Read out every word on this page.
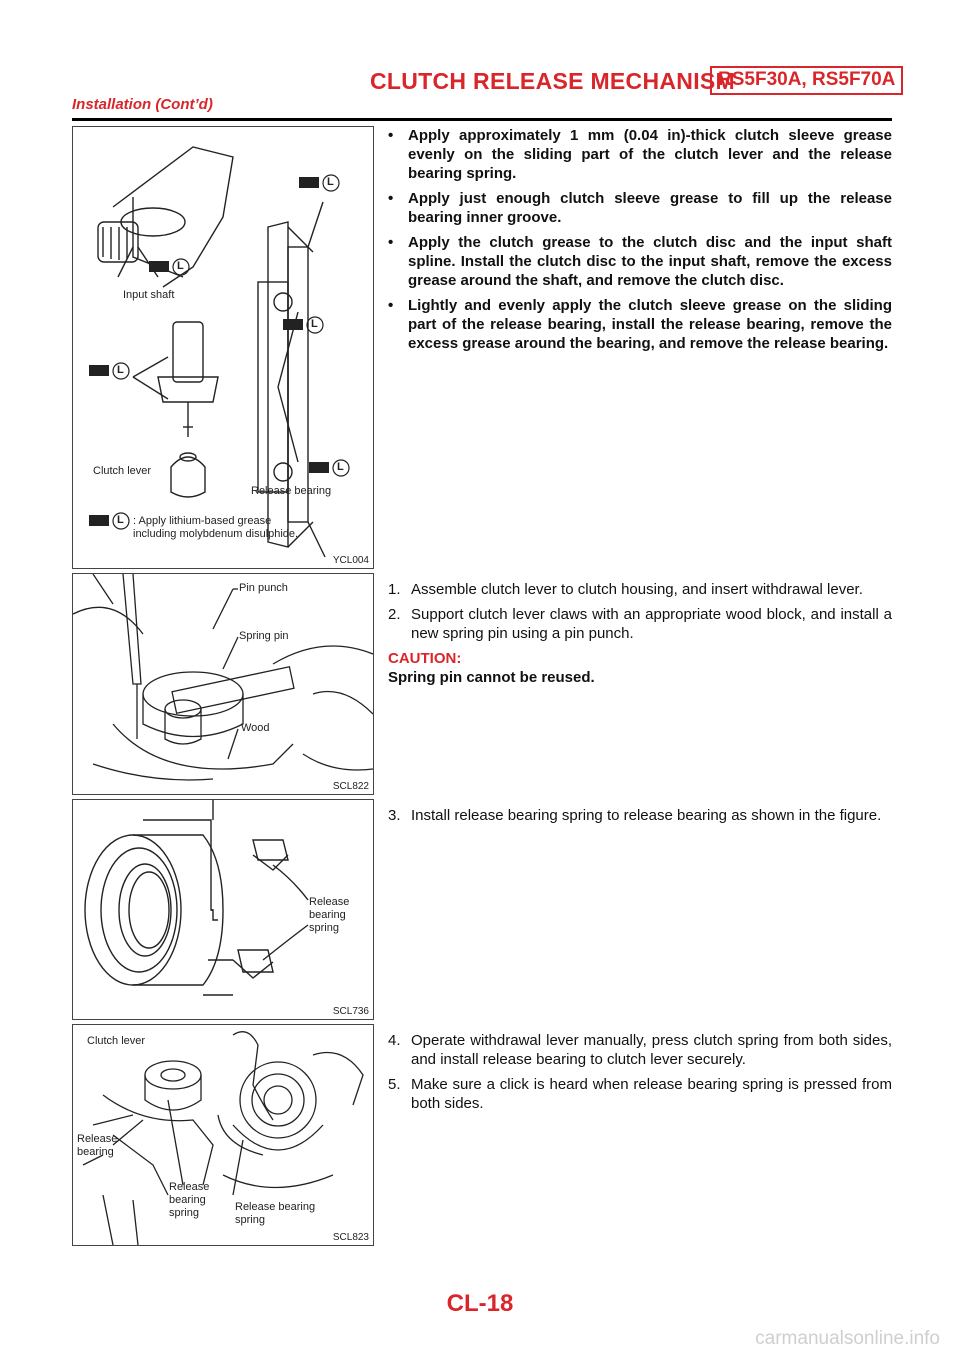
CLUTCH RELEASE MECHANISM
RS5F30A, RS5F70A
Installation (Cont’d)
L
L
L
L
L
L
Input shaft
Clutch lever
Release bearing
: Apply lithium-based grease including molybdenum disulphide.
YCL004
Pin punch
Spring pin
Wood
SCL822
Release bearing spring
SCL736
Clutch lever
Release bearing
Release bearing spring	Release bearing spring
SCL823
• Apply approximately 1 mm (0.04 in)-thick clutch sleeve grease evenly on the sliding part of the clutch lever and the release bearing spring.
• Apply just enough clutch sleeve grease to fill up the release bearing inner groove.
• Apply the clutch grease to the clutch disc and the input shaft spline. Install the clutch disc to the input shaft, remove the excess grease around the shaft, and remove the clutch disc.
• Lightly and evenly apply the clutch sleeve grease on the sliding part of the release bearing, install the release bearing, remove the excess grease around the bearing, and remove the release bearing.
1. Assemble clutch lever to clutch housing, and insert withdrawal lever.
2. Support clutch lever claws with an appropriate wood block, and install a new spring pin using a pin punch.
CAUTION:
Spring pin cannot be reused.
3. Install release bearing spring to release bearing as shown in the figure.
4. Operate withdrawal lever manually, press clutch spring from both sides, and install release bearing to clutch lever securely.
5. Make sure a click is heard when release bearing spring is pressed from both sides.
CL-18
carmanualsonline.info
